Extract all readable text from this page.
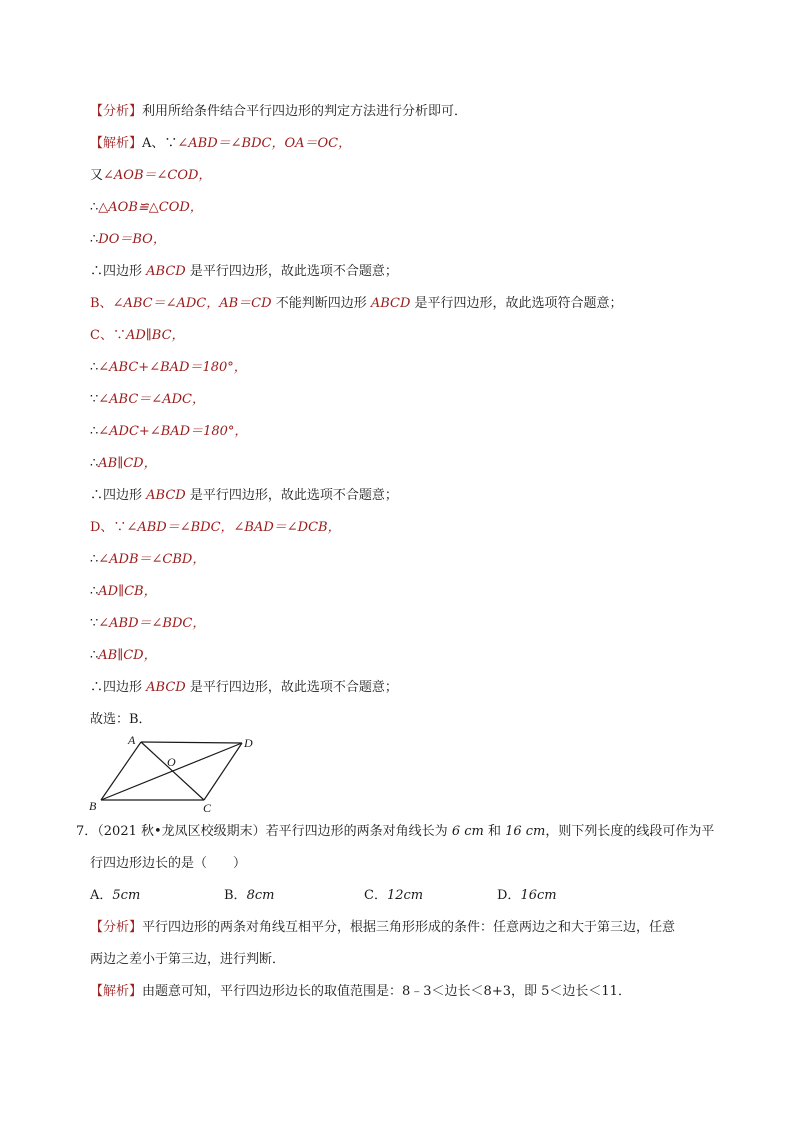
【分析】利用所给条件结合平行四边形的判定方法进行分析即可．
【解析】A、∵∠ABD＝∠BDC，OA＝OC，
又∠AOB＝∠COD，
∴△AOB≌△COD，
∴DO＝BO，
∴四边形 ABCD 是平行四边形，故此选项不合题意；
B、∠ABC＝∠ADC，AB＝CD 不能判断四边形 ABCD 是平行四边形，故此选项符合题意；
C、∵AD∥BC，
∴∠ABC+∠BAD＝180°，
∵∠ABC＝∠ADC，
∴∠ADC+∠BAD＝180°，
∴AB∥CD，
∴四边形 ABCD 是平行四边形，故此选项不合题意；
D、∵∠ABD＝∠BDC，∠BAD＝∠DCB，
∴∠ADB＝∠CBD，
∴AD∥CB，
∵∠ABD＝∠BDC，
∴AB∥CD，
∴四边形 ABCD 是平行四边形，故此选项不合题意；
故选：B．
A	D
B	C
O
7．（2021 秋•龙凤区校级期末）若平行四边形的两条对角线长为 6 cm 和 16 cm，则下列长度的线段可作为平
行四边形边长的是（　　）
A．5cm	B．8cm	C．12cm	D．16cm
【分析】平行四边形的两条对角线互相平分，根据三角形形成的条件：任意两边之和大于第三边，任意
两边之差小于第三边，进行判断．
【解析】由题意可知，平行四边形边长的取值范围是：8﹣3＜边长＜8+3，即 5＜边长＜11．
